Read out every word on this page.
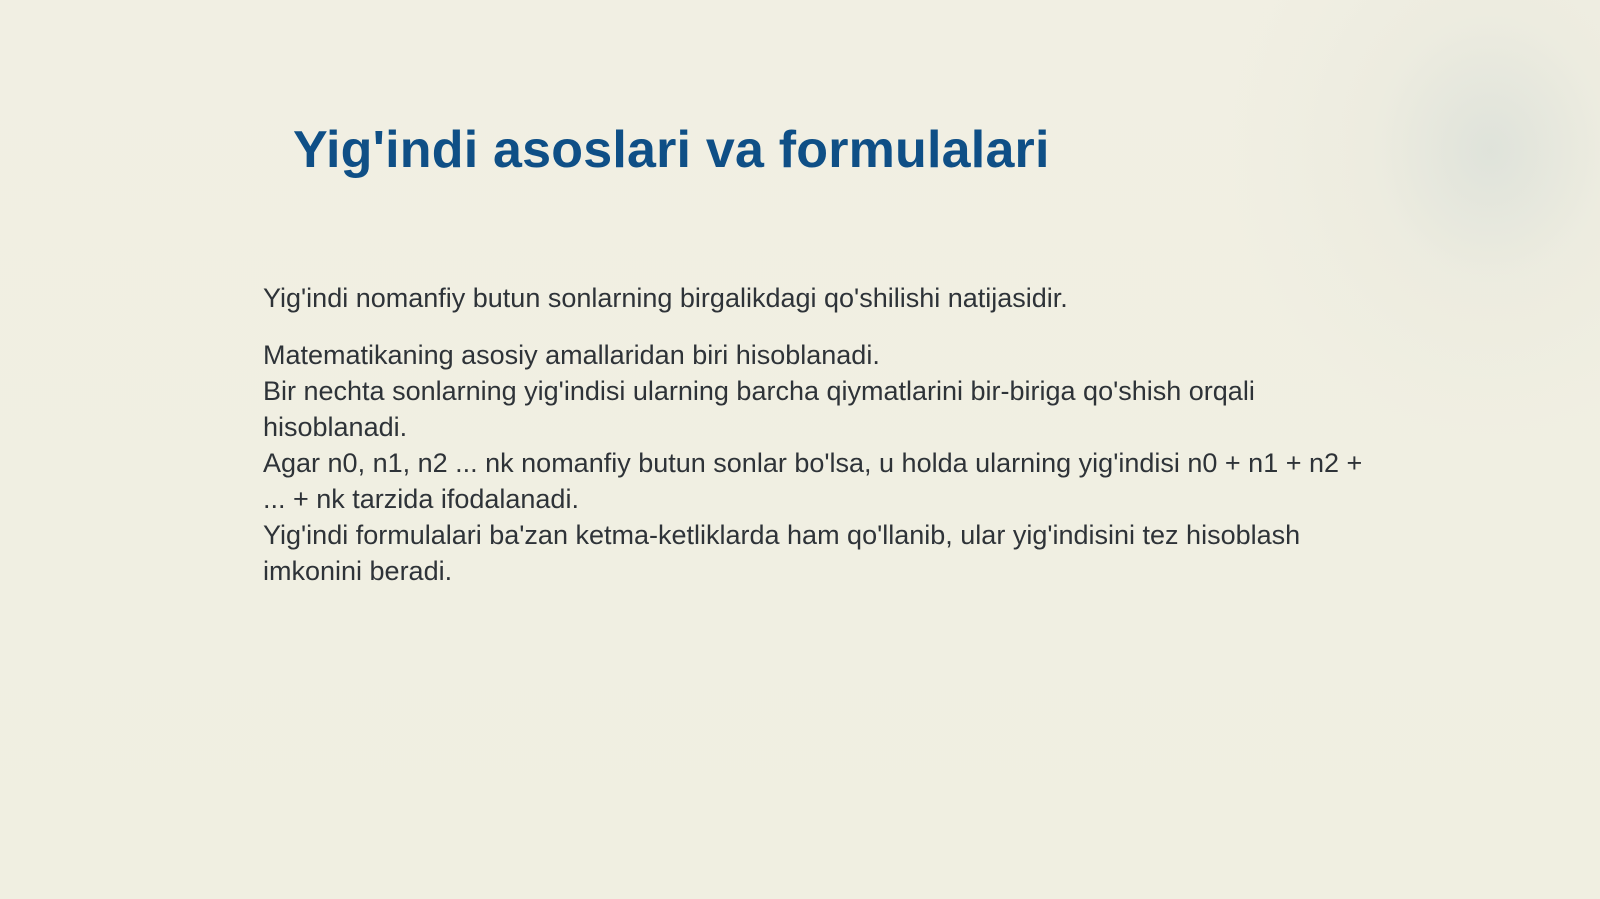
Yig'indi asoslari va formulalari

Yig'indi nomanfiy butun sonlarning birgalikdagi qo'shilishi natijasidir.

Matematikaning asosiy amallaridan biri hisoblanadi.

Bir nechta sonlarning yig'indisi ularning barcha qiymatlarini bir-biriga qo'shish orqali hisoblanadi.

Agar n0, n1, n2 ... nk nomanfiy butun sonlar bo'lsa, u holda ularning yig'indisi n0 + n1 + n2 + ... + nk tarzida ifodalanadi.

Yig'indi formulalari ba'zan ketma-ketliklarda ham qo'llanib, ular yig'indisini tez hisoblash imkonini beradi.
